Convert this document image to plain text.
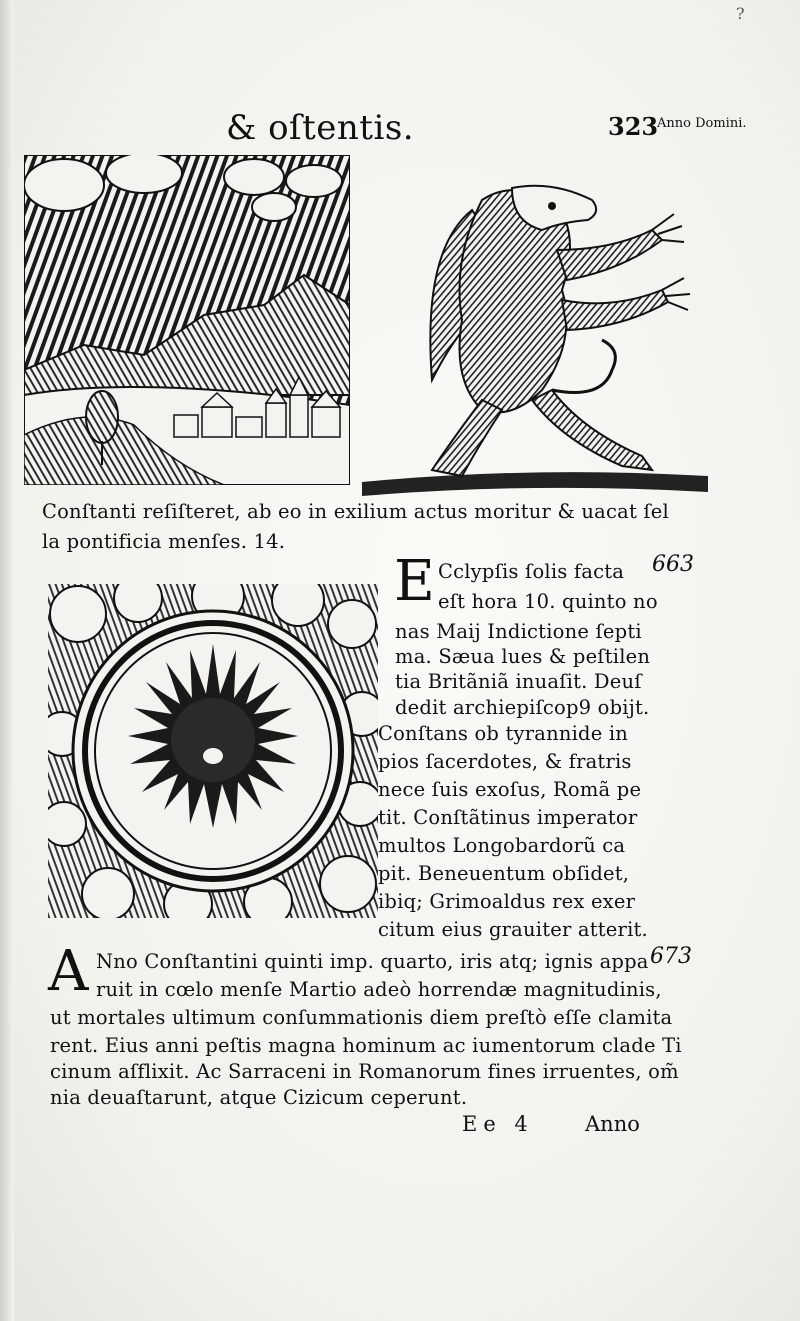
?
& oſtentis.	323
Anno Domini.
Conſtanti reſiſteret, ab eo in exilium actus moritur & uacat ſel
la pontificia menſes. 14.
E Cclypſis ſolis facta
eſt hora 10. quinto no
nas Maij Indictione ſepti
ma. Sæua lues & peſtilen
tia Britãniã inuaſit. Deuſ
dedit archiepiſcop9 obijt.
Conſtans ob tyrannide in
pios ſacerdotes, & fratris
nece ſuis exoſus, Romã pe
tit. Conſtãtinus imperator
multos Longobardorũ ca
pit. Beneuentum obſidet,
ibiq; Grimoaldus rex exer
citum eius grauiter atterit.
663
A Nno Conſtantini quinti imp. quarto, iris atq; ignis appa
ruit in cœlo menſe Martio adeò horrendæ magnitudinis,
ut mortales ultimum conſummationis diem preſtò eſſe clamita
rent. Eius anni peſtis magna hominum ac iumentorum clade Ti
cinum aſflixit. Ac Sarraceni in Romanorum fines irruentes, om̃
nia deuaſtarunt, atque Cizicum ceperunt.
673
Ee 4 Anno
